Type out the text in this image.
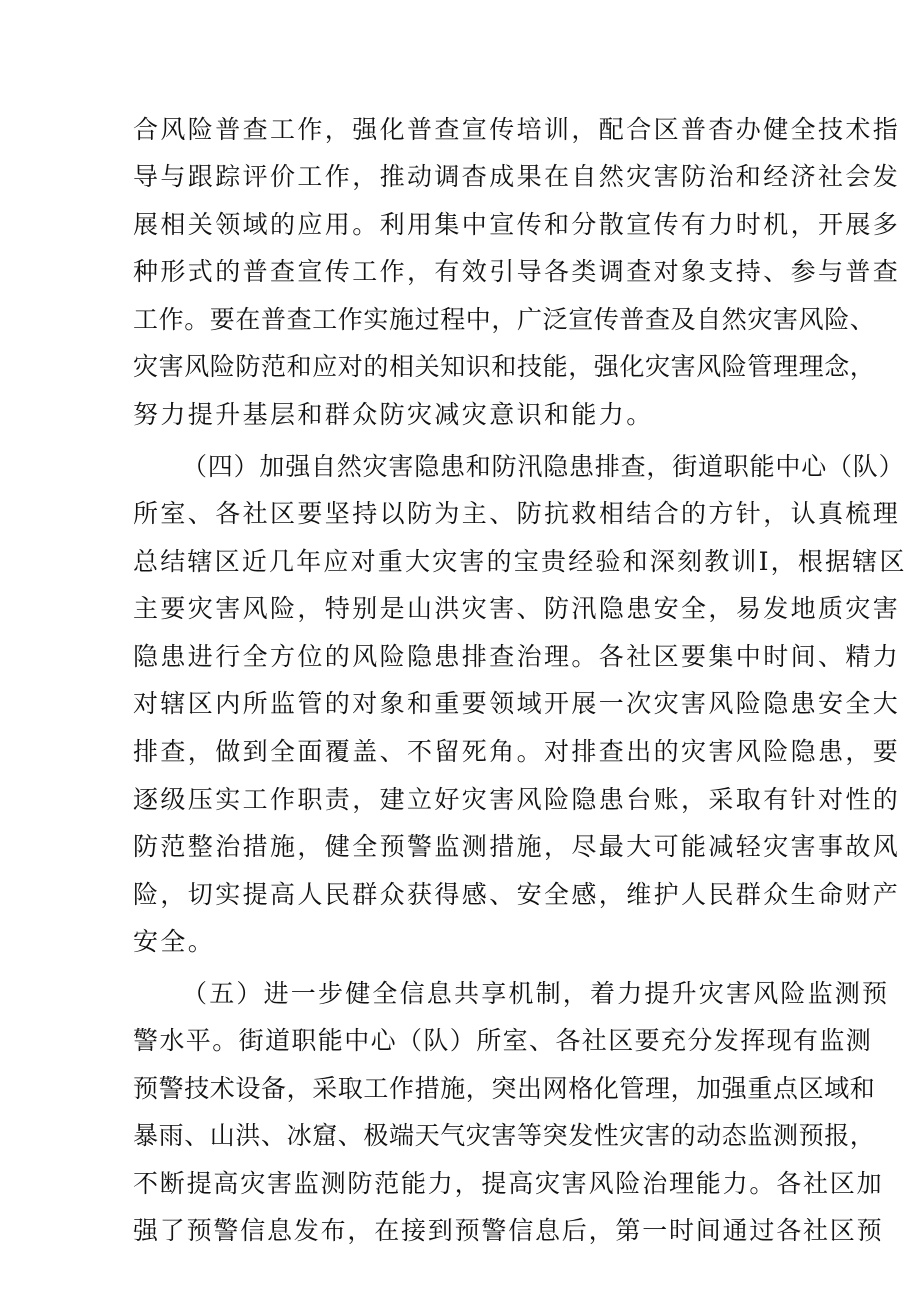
合风险普查工作，强化普查宣传培训，配合区普杳办健全技术指
导与跟踪评价工作，推动调杳成果在自然灾害防治和经济社会发
展相关领域的应用。利用集中宣传和分散宣传有力时机，开展多
种形式的普查宣传工作，有效引导各类调查对象支持、参与普查
工作。要在普查工作实施过程中，广泛宣传普查及自然灾害风险、
灾害风险防范和应对的相关知识和技能，强化灾害风险管理理念，
努力提升基层和群众防灾减灾意识和能力。
（四）加强自然灾害隐患和防汛隐患排查，街道职能中心（队）
所室、各社区要坚持以防为主、防抗救相结合的方针，认真梳理
总结辖区近几年应对重大灾害的宝贵经验和深刻教训I，根据辖区
主要灾害风险，特别是山洪灾害、防汛隐患安全，易发地质灾害
隐患进行全方位的风险隐患排查治理。各社区要集中时间、精力
对辖区内所监管的对象和重要领域开展一次灾害风险隐患安全大
排查，做到全面覆盖、不留死角。对排查出的灾害风险隐患，要
逐级压实工作职责，建立好灾害风险隐患台账，采取有针对性的
防范整治措施，健全预警监测措施，尽最大可能减轻灾害事故风
险，切实提高人民群众获得感、安全感，维护人民群众生命财产
安全。
（五）进一步健全信息共享机制，着力提升灾害风险监测预
警水平。街道职能中心（队）所室、各社区要充分发挥现有监测
预警技术设备，采取工作措施，突出网格化管理，加强重点区域和
暴雨、山洪、冰窟、极端天气灾害等突发性灾害的动态监测预报，
不断提高灾害监测防范能力，提高灾害风险治理能力。各社区加
强了预警信息发布，在接到预警信息后，第一时间通过各社区预
